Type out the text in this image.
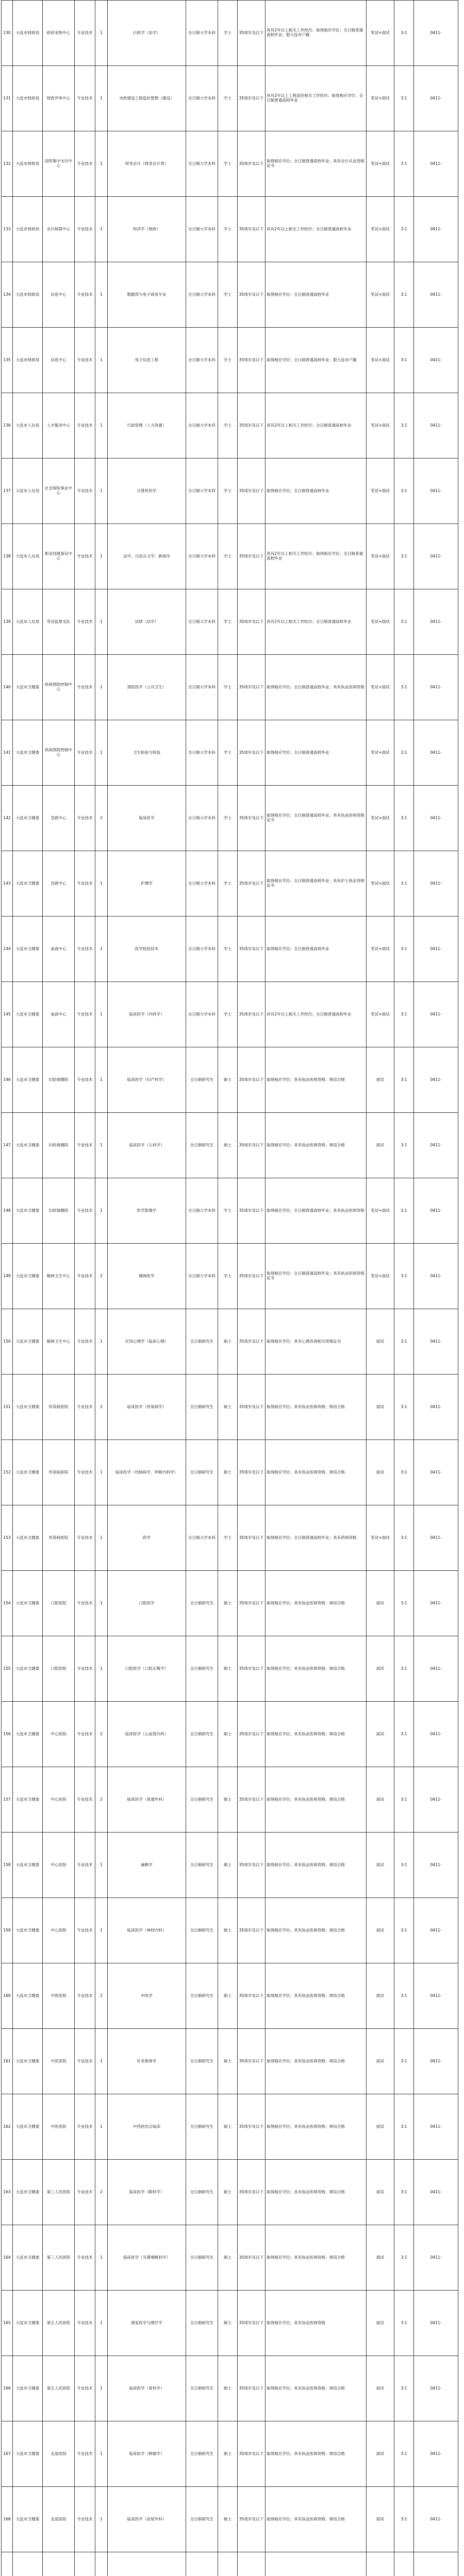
130	大连市财政局	政府采购中心	专业技术	1	行政学（法学）	全日制大学本科	学士	35周岁及以下	具有2年以上相关工作经历；取得相应学位；全日制普通高校毕业；限大连市户籍	笔试+面试	3:1	0411-
131	大连市财政局	财政评审中心	专业技术	1	市政建设工程造价管理（建设）	全日制大学本科	学士	35周岁及以下	具有2年以上工程造价相关工作经历；取得相应学位；全日制普通高校毕业	笔试+面试	3:1	0411-
132	大连市财政局	国库集中支付中心	专业技术	1	财务会计（财务会计类）	全日制大学本科	学士	35周岁及以下	取得相应学位；全日制普通高校毕业；具有会计从业资格证书	笔试+面试	3:1	0411-
133	大连市财政局	会计核算中心	专业技术	1	经济学（财政）	全日制大学本科	学士	35周岁及以下	具有2年以上相关工作经历；全日制普通高校毕业	笔试+面试	3:1	0411-
134	大连市财政局	信息中心	专业技术	1	数据库与电子商务专业	全日制大学本科	学士	35周岁及以下	取得相应学位；全日制普通高校毕业	笔试+面试	3:1	0411-
135	大连市财政局	信息中心	专业技术	1	电子信息工程	全日制大学本科	学士	35周岁及以下	取得相应学位；全日制普通高校毕业；限大连市户籍	笔试+面试	3:1	0411-
136	大连市人社局	人才服务中心	专业技术	1	行政管理（人力资源）	全日制大学本科	学士	35周岁及以下	具有2年以上相关工作经历；全日制普通高校毕业	笔试+面试	3:1	0411-
137	大连市人社局	社会保险事业中心	专业技术	1	计算机科学	全日制大学本科	学士	35周岁及以下	取得相应学位；全日制普通高校毕业	笔试+面试	3:1	0411-
138	大连市人社局	职业技能鉴定中心	专业技术	1	法学、汉语言文学、新闻学	全日制大学本科	学士	35周岁及以下	具有2年以上相关工作经历；取得相应学位；全日制普通高校毕业	笔试+面试	3:1	0411-
139	大连市人社局	劳动监察支队	专业技术	1	法律（法学）	全日制大学本科	学士	35周岁及以下	具有2年以上相关工作经历；全日制普通高校毕业	笔试+面试	3:1	0411-
140	大连市卫健委	疾病预防控制中心	专业技术	1	预防医学（公共卫生）	全日制大学本科	学士	35周岁及以下	取得相应学位；全日制普通高校毕业；具有执业医师资格	笔试+面试	3:1	0411-
141	大连市卫健委	疾病预防控制中心	专业技术	1	卫生检验与检疫	全日制大学本科	学士	35周岁及以下	取得相应学位；全日制普通高校毕业	笔试+面试	3:1	0411-
142	大连市卫健委	急救中心	专业技术	2	临床医学	全日制大学本科	学士	35周岁及以下	取得相应学位；全日制普通高校毕业；具有执业医师资格证书	笔试+面试	3:1	0411-
143	大连市卫健委	急救中心	专业技术	1	护理学	全日制大学本科	学士	35周岁及以下	取得相应学位；全日制普通高校毕业；具有护士执业资格证书	笔试+面试	3:1	0411-
144	大连市卫健委	血液中心	专业技术	1	医学检验技术	全日制大学本科	学士	35周岁及以下	取得相应学位；全日制普通高校毕业	笔试+面试	3:1	0411-
145	大连市卫健委	血液中心	专业技术	1	临床医学（内科学）	全日制大学本科	学士	35周岁及以下	具有2年以上相关工作经历；全日制普通高校毕业	笔试+面试	3:1	0411-
146	大连市卫健委	妇幼保健院	专业技术	1	临床医学（妇产科学）	全日制研究生	硕士	35周岁及以下	取得相应学位；具有执业医师资格；规培合格	面试	3:1	0411-
147	大连市卫健委	妇幼保健院	专业技术	1	临床医学（儿科学）	全日制研究生	硕士	35周岁及以下	取得相应学位；具有执业医师资格；规培合格	面试	3:1	0411-
148	大连市卫健委	妇幼保健院	专业技术	1	医学影像学	全日制大学本科	学士	35周岁及以下	取得相应学位；全日制普通高校毕业；具有执业医师资格	笔试+面试	3:1	0411-
149	大连市卫健委	精神卫生中心	专业技术	2	精神医学	全日制大学本科	学士	35周岁及以下	取得相应学位；全日制普通高校毕业；具有执业医师资格证书	笔试+面试	3:1	0411-
150	大连市卫健委	精神卫生中心	专业技术	1	应用心理学（临床心理）	全日制研究生	硕士	35周岁及以下	取得相应学位；具有心理咨询相关资格证书	面试	3:1	0411-
151	大连市卫健委	传染病医院	专业技术	2	临床医学（传染病学）	全日制研究生	硕士	35周岁及以下	取得相应学位；具有执业医师资格；规培合格	面试	3:1	0411-
152	大连市卫健委	传染病医院	专业技术	1	临床医学（结核病学、呼吸内科学）	全日制研究生	硕士	35周岁及以下	取得相应学位；具有执业医师资格；规培合格	面试	3:1	0411-
153	大连市卫健委	传染病医院	专业技术	1	药学	全日制大学本科	学士	35周岁及以下	取得相应学位；全日制普通高校毕业；具有药师资格	笔试+面试	3:1	0411-
154	大连市卫健委	口腔医院	专业技术	1	口腔医学	全日制研究生	硕士	35周岁及以下	取得相应学位；具有执业医师资格；规培合格	面试	3:1	0411-
155	大连市卫健委	口腔医院	专业技术	1	口腔医学（口腔正畸学）	全日制研究生	硕士	35周岁及以下	取得相应学位；具有执业医师资格；规培合格	面试	3:1	0411-
156	大连市卫健委	中心医院	专业技术	2	临床医学（心血管内科）	全日制研究生	硕士	35周岁及以下	取得相应学位；具有执业医师资格；规培合格	面试	3:1	0411-
157	大连市卫健委	中心医院	专业技术	2	临床医学（普通外科）	全日制研究生	硕士	35周岁及以下	取得相应学位；具有执业医师资格；规培合格	面试	3:1	0411-
158	大连市卫健委	中心医院	专业技术	1	麻醉学	全日制研究生	硕士	35周岁及以下	取得相应学位；具有执业医师资格；规培合格	面试	3:1	0411-
159	大连市卫健委	中心医院	专业技术	1	临床医学（神经内科）	全日制研究生	硕士	35周岁及以下	取得相应学位；具有执业医师资格；规培合格	面试	3:1	0411-
160	大连市卫健委	中医医院	专业技术	2	中医学	全日制研究生	硕士	35周岁及以下	取得相应学位；具有执业医师资格；规培合格	面试	3:1	0411-
161	大连市卫健委	中医医院	专业技术	1	针灸推拿学	全日制研究生	硕士	35周岁及以下	取得相应学位；具有执业医师资格；规培合格	面试	3:1	0411-
162	大连市卫健委	中医医院	专业技术	1	中西医结合临床	全日制研究生	硕士	35周岁及以下	取得相应学位；具有执业医师资格；规培合格	面试	3:1	0411-
163	大连市卫健委	第三人民医院	专业技术	2	临床医学（眼科学）	全日制研究生	硕士	35周岁及以下	取得相应学位；具有执业医师资格；规培合格	面试	3:1	0411-
164	大连市卫健委	第三人民医院	专业技术	1	临床医学（耳鼻咽喉科学）	全日制研究生	硕士	35周岁及以下	取得相应学位；具有执业医师资格；规培合格	面试	3:1	0411-
165	大连市卫健委	第五人民医院	专业技术	1	康复医学与理疗学	全日制研究生	硕士	35周岁及以下	取得相应学位；具有执业医师资格	面试	3:1	0411-
166	大连市卫健委	第五人民医院	专业技术	1	临床医学（骨科学）	全日制研究生	硕士	35周岁及以下	取得相应学位；具有执业医师资格；规培合格	面试	3:1	0411-
167	大连市卫健委	友谊医院	专业技术	1	临床医学（肿瘤学）	全日制研究生	硕士	35周岁及以下	取得相应学位；具有执业医师资格；规培合格	面试	3:1	0411-
168	大连市卫健委	友谊医院	专业技术	1	临床医学（泌尿外科）	全日制研究生	硕士	35周岁及以下	取得相应学位；具有执业医师资格；规培合格	面试	3:1	0411-
